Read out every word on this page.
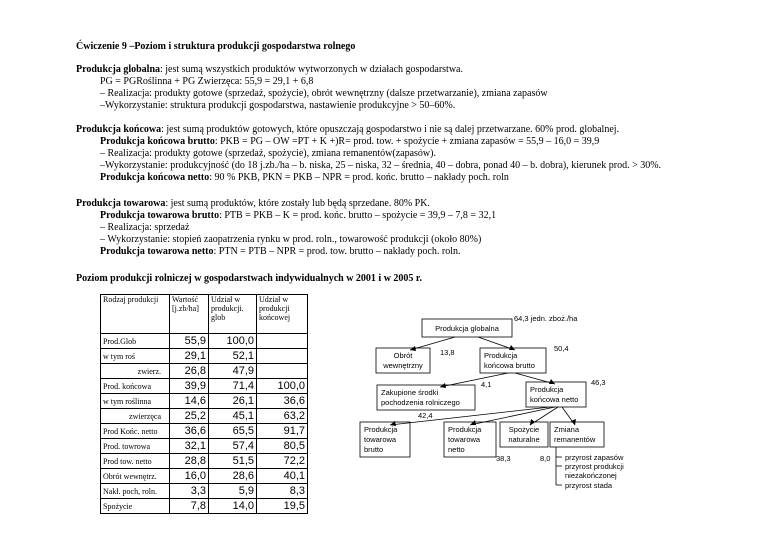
Ćwiczenie 9 –Poziom i struktura produkcji gospodarstwa rolnego
Produkcja globalna: jest sumą wszystkich produktów wytworzonych w działach gospodarstwa.
PG = PGRoślinna + PG Zwierzęca: 55,9 = 29,1 + 6,8
– Realizacja: produkty gotowe (sprzedaż, spożycie), obrót wewnętrzny (dalsze przetwarzanie), zmiana zapasów
–Wykorzystanie: struktura produkcji gospodarstwa, nastawienie produkcyjne > 50–60%.
Produkcja końcowa: jest sumą produktów gotowych, które opuszczają gospodarstwo i nie są dalej przetwarzane. 60% prod. globalnej.
Produkcja końcowa brutto: PKB = PG – OW =PT + K +)R= prod. tow. + spożycie + zmiana zapasów = 55,9 – 16,0 = 39,9
– Realizacja: produkty gotowe (sprzedaż, spożycie), zmiana remanentów(zapasów).
–Wykorzystanie: produkcyjność (do 18 j.zb./ha – b. niska, 25 – niska, 32 – średnia, 40 – dobra, ponad 40 – b. dobra), kierunek prod. > 30%.
Produkcja końcowa netto: 90 % PKB, PKN = PKB – NPR = prod. końc. brutto – nakłady poch. roln
Produkcja towarowa: jest sumą produktów, które zostały lub będą sprzedane. 80% PK.
Produkcja towarowa brutto: PTB = PKB – K = prod. końc. brutto – spożycie = 39,9 – 7,8 = 32,1
– Realizacja: sprzedaż
– Wykorzystanie: stopień zaopatrzenia rynku w prod. roln., towarowość produkcji (około 80%)
Produkcja towarowa netto: PTN = PTB – NPR = prod. tow. brutto – nakłady poch. roln.
Poziom produkcji rolniczej w gospodarstwach indywidualnych w 2001 i w 2005 r.
Rodzaj produkcji	Wartość [j.zb/ha]	Udział w produkcji. glob	Udział w produkcji końcowej
Prod.Glob	55,9	100,0	
w tym roś	29,1	52,1	
zwierz.	26,8	47,9	
Prod. końcowa	39,9	71,4	100,0
w tym roślinna	14,6	26,1	36,6
zwierzęca	25,2	45,1	63,2
Prod Końc. netto	36,6	65,5	91,7
Prod. towrowa	32,1	57,4	80,5
Prod tow. netto	28,8	51,5	72,2
Obrót wewnętrz.	16,0	28,6	40,1
Nakł. poch, roln.	3,3	5,9	8,3
Spożycie	7,8	14,0	19,5
64,3 jedn. zboż./ha
Produkcja globalna
Obrót
wewnętrzny
13,8	50,4
Produkcja
końcowa brutto
Zakupione środki
pochodzenia rolniczego
4,1	46,3
Produkcja
końcowa netto
42,4
Produkcja
towarowa
brutto
Produkcja
towarowa
netto
38,3
Spożycie
naturalne
8,0
Zmiana
remanentów
przyrost zapasów
przyrost produkcji
niezakończonej
przyrost stada
